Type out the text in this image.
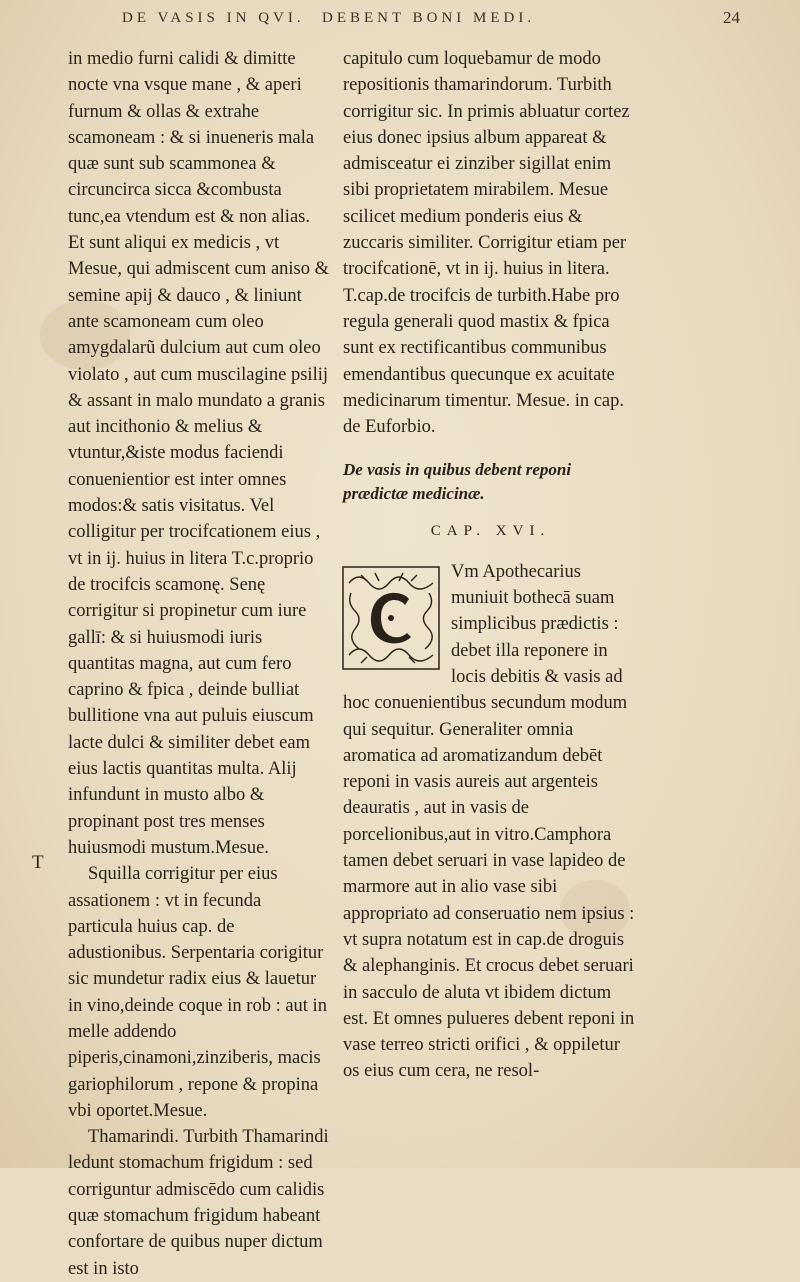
DE VASIS IN QVI. DEBENT BONI MEDI.	24
T

in medio furni calidi & dimitte nocte vna vsque mane , & aperi furnum & ollas & extrahe scamoneam : & si inueneris mala quæ sunt sub scammonea & circuncirca sicca &combusta tunc,ea vtendum est & non alias. Et sunt aliqui ex medicis , vt Mesue, qui admiscent cum aniso & semine apij & dauco , & liniunt ante scamoneam cum oleo amygdalarũ dulcium aut cum oleo violato , aut cum muscilagine psilij & assant in malo mundato a granis aut incithonio & melius & vtuntur,&iste modus faciendi conuenientior est inter omnes modos:& satis visitatus. Vel colligitur per trocifcationem eius , vt in ij. huius in litera T.c.proprio de trocifcis scamonę. Senę corrigitur si propinetur cum iure gallī: & si huiusmodi iuris quantitas magna, aut cum fero caprino & fpica , deinde bulliat bullitione vna aut puluis eiuscum lacte dulci & similiter debet eam eius lactis quantitas multa. Alij infundunt in musto albo & propinant post tres menses huiusmodi mustum.Mesue.

Squilla corrigitur per eius assationem : vt in fecunda particula huius cap. de adustionibus. Serpentaria corigitur sic mundetur radix eius & lauetur in vino,deinde coque in rob : aut in melle addendo piperis,cinamoni,zinziberis, macis gariophilorum , repone & propina vbi oportet.Mesue.

Thamarindi. Turbith Thamarindi ledunt stomachum frigidum : sed corriguntur admiscēdo cum calidis quæ stomachum frigidum habeant confortare de quibus nuper dictum est in isto

capitulo cum loquebamur de modo repositionis thamarindorum. Turbith corrigitur sic. In primis abluatur cortez eius donec ipsius album appareat & admisceatur ei zinziber sigillat enim sibi proprietatem mirabilem. Mesue scilicet medium ponderis eius & zuccaris similiter. Corrigitur etiam per trocifcationē, vt in ij. huius in litera. T.cap.de trocifcis de turbith.Habe pro regula generali quod mastix & fpica sunt ex rectificantibus communibus emendantibus quecunque ex acuitate medicinarum timentur. Mesue. in cap. de Euforbio.

De vasis in quibus debent reponi prædictæ medicinæ.

CAP. XVI.

Vm Apothecarius muniuit bothecā suam simplicibus prædictis : debet illa reponere in locis debitis & vasis ad hoc conuenientibus secundum modum qui sequitur. Generaliter omnia aromatica ad aromatizandum debēt reponi in vasis aureis aut argenteis deauratis , aut in vasis de porcelionibus,aut in vitro.Camphora tamen debet seruari in vase lapideo de marmore aut in alio vase sibi appropriato ad conseruatio nem ipsius : vt supra notatum est in cap.de droguis & alephanginis. Et crocus debet seruari in sacculo de aluta vt ibidem dictum est. Et omnes pulueres debent reponi in vase terreo stricti orifici , & oppiletur os eius cum cera, ne resol-
